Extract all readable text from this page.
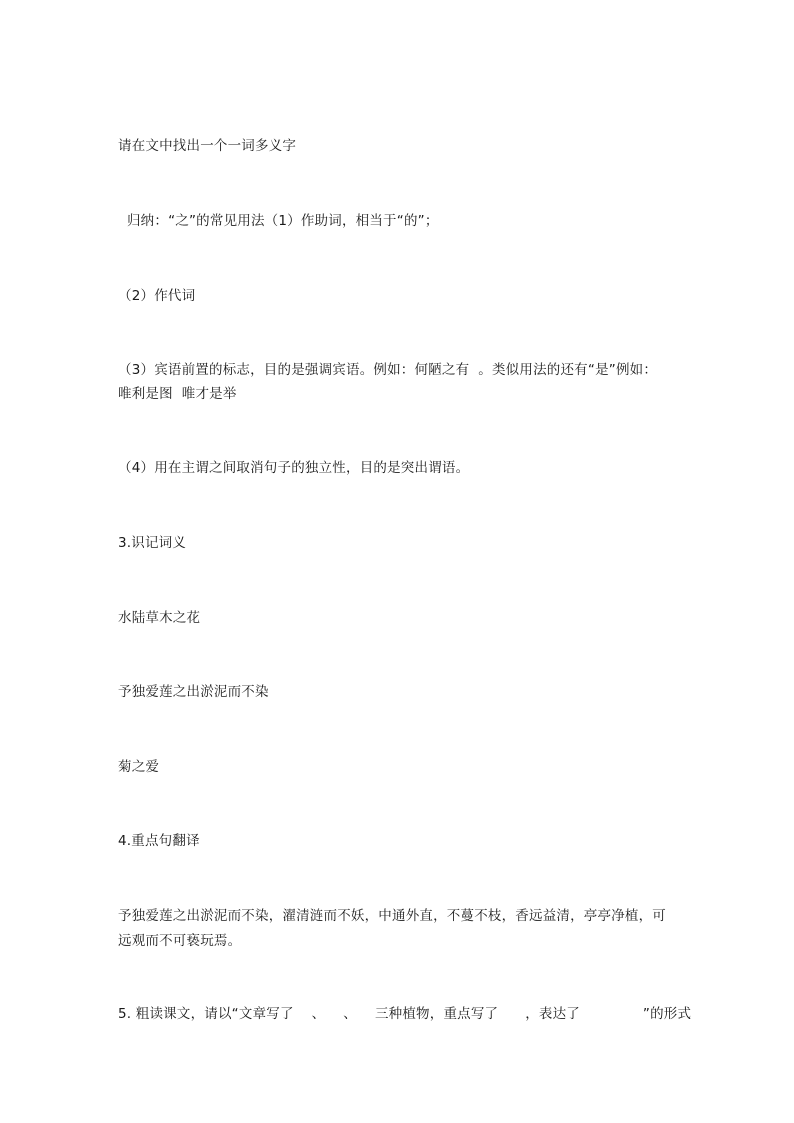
请在文中找出一个一词多义字
归纳：“之”的常见用法（1）作助词，相当于“的”；
（2）作代词
（3）宾语前置的标志，目的是强调宾语。例如：何陋之有  。类似用法的还有“是”例如：
唯利是图  唯才是举
（4）用在主谓之间取消句子的独立性，目的是突出谓语。
3.识记词义
水陆草木之花
予独爱莲之出淤泥而不染
菊之爱
4.重点句翻译
予独爱莲之出淤泥而不染，濯清涟而不妖，中通外直，不蔓不枝，香远益清，亭亭净植，可
远观而不可亵玩焉。
5. 粗读课文，请以“文章写了    、    、    三种植物，重点写了      ，表达了              ”的形式
